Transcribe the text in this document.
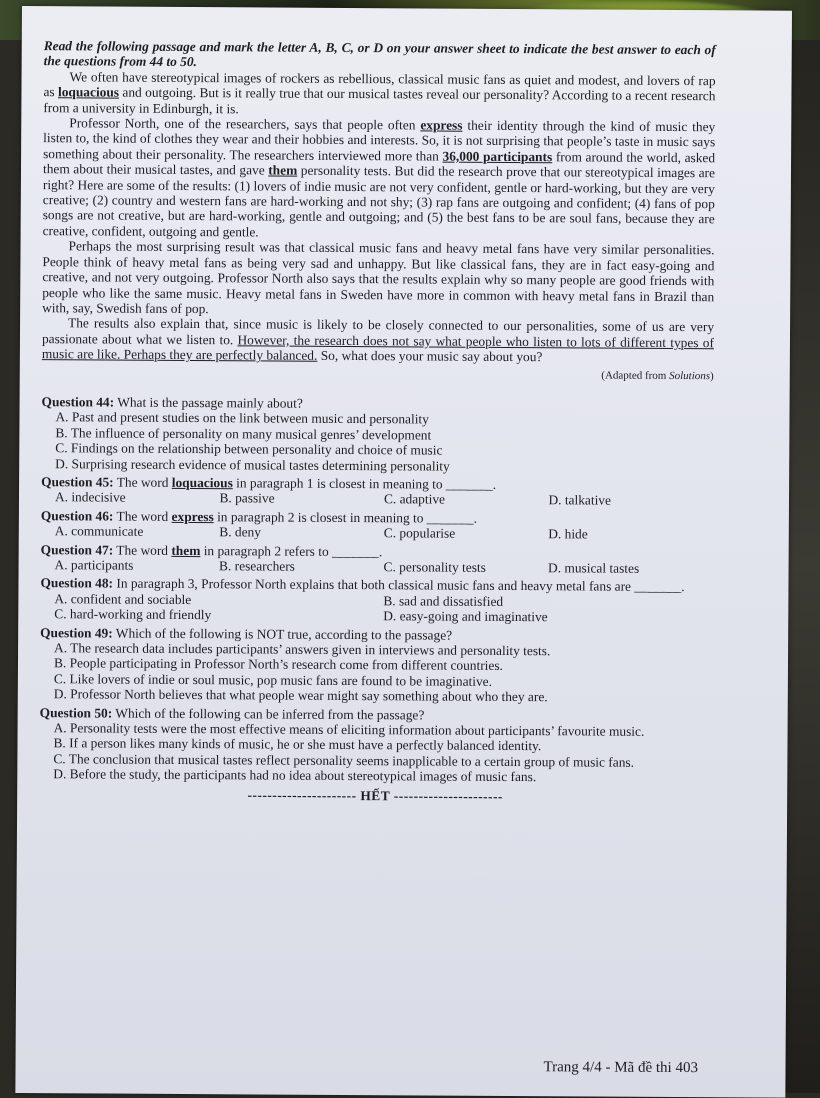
Read the following passage and mark the letter A, B, C, or D on your answer sheet to indicate the best answer to each of the questions from 44 to 50.

We often have stereotypical images of rockers as rebellious, classical music fans as quiet and modest, and lovers of rap as loquacious and outgoing. But is it really true that our musical tastes reveal our personality? According to a recent research from a university in Edinburgh, it is.

Professor North, one of the researchers, says that people often express their identity through the kind of music they listen to, the kind of clothes they wear and their hobbies and interests. So, it is not surprising that people’s taste in music says something about their personality. The researchers interviewed more than 36,000 participants from around the world, asked them about their musical tastes, and gave them personality tests. But did the research prove that our stereotypical images are right? Here are some of the results: (1) lovers of indie music are not very confident, gentle or hard-working, but they are very creative; (2) country and western fans are hard-working and not shy; (3) rap fans are outgoing and confident; (4) fans of pop songs are not creative, but are hard-working, gentle and outgoing; and (5) the best fans to be are soul fans, because they are creative, confident, outgoing and gentle.

Perhaps the most surprising result was that classical music fans and heavy metal fans have very similar personalities. People think of heavy metal fans as being very sad and unhappy. But like classical fans, they are in fact easy-going and creative, and not very outgoing. Professor North also says that the results explain why so many people are good friends with people who like the same music. Heavy metal fans in Sweden have more in common with heavy metal fans in Brazil than with, say, Swedish fans of pop.

The results also explain that, since music is likely to be closely connected to our personalities, some of us are very passionate about what we listen to. However, the research does not say what people who listen to lots of different types of music are like. Perhaps they are perfectly balanced. So, what does your music say about you?

(Adapted from Solutions)

Question 44: What is the passage mainly about?

A. Past and present studies on the link between music and personality

B. The influence of personality on many musical genres’ development

C. Findings on the relationship between personality and choice of music

D. Surprising research evidence of musical tastes determining personality

Question 45: The word loquacious in paragraph 1 is closest in meaning to _______.

A. indecisive	B. passive	C. adaptive	D. talkative

Question 46: The word express in paragraph 2 is closest in meaning to _______.

A. communicate	B. deny	C. popularise	D. hide

Question 47: The word them in paragraph 2 refers to _______.

A. participants	B. researchers	C. personality tests	D. musical tastes

Question 48: In paragraph 3, Professor North explains that both classical music fans and heavy metal fans are _______.

A. confident and sociable	B. sad and dissatisfied
C. hard-working and friendly	D. easy-going and imaginative

Question 49: Which of the following is NOT true, according to the passage?

A. The research data includes participants’ answers given in interviews and personality tests.

B. People participating in Professor North’s research come from different countries.

C. Like lovers of indie or soul music, pop music fans are found to be imaginative.

D. Professor North believes that what people wear might say something about who they are.

Question 50: Which of the following can be inferred from the passage?

A. Personality tests were the most effective means of eliciting information about participants’ favourite music.

B. If a person likes many kinds of music, he or she must have a perfectly balanced identity.

C. The conclusion that musical tastes reflect personality seems inapplicable to a certain group of music fans.

D. Before the study, the participants had no idea about stereotypical images of music fans.

---------------------- HẾT ----------------------
Trang 4/4 - Mã đề thi 403
